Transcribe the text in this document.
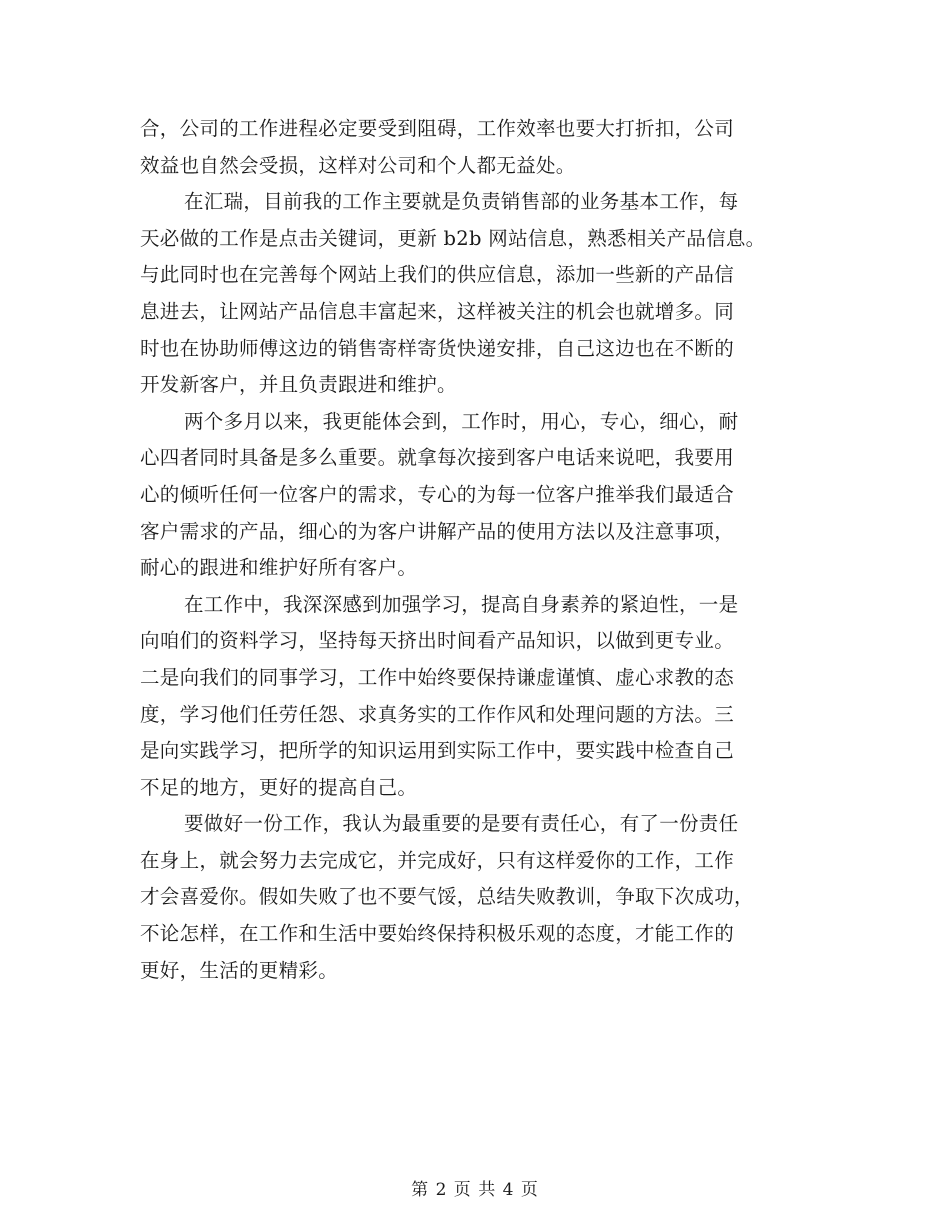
合，公司的工作进程必定要受到阻碍，工作效率也要大打折扣，公司
效益也自然会受损，这样对公司和个人都无益处。
在汇瑞，目前我的工作主要就是负责销售部的业务基本工作，每
天必做的工作是点击关键词，更新 b2b 网站信息，熟悉相关产品信息。
与此同时也在完善每个网站上我们的供应信息，添加一些新的产品信
息进去，让网站产品信息丰富起来，这样被关注的机会也就增多。同
时也在协助师傅这边的销售寄样寄货快递安排，自己这边也在不断的
开发新客户，并且负责跟进和维护。
两个多月以来，我更能体会到，工作时，用心，专心，细心，耐
心四者同时具备是多么重要。就拿每次接到客户电话来说吧，我要用
心的倾听任何一位客户的需求，专心的为每一位客户推举我们最适合
客户需求的产品，细心的为客户讲解产品的使用方法以及注意事项，
耐心的跟进和维护好所有客户。
在工作中，我深深感到加强学习，提高自身素养的紧迫性，一是
向咱们的资料学习，坚持每天挤出时间看产品知识，以做到更专业。
二是向我们的同事学习，工作中始终要保持谦虚谨慎、虚心求教的态
度，学习他们任劳任怨、求真务实的工作作风和处理问题的方法。三
是向实践学习，把所学的知识运用到实际工作中，要实践中检查自己
不足的地方，更好的提高自己。
要做好一份工作，我认为最重要的是要有责任心，有了一份责任
在身上，就会努力去完成它，并完成好，只有这样爱你的工作，工作
才会喜爱你。假如失败了也不要气馁，总结失败教训，争取下次成功，
不论怎样，在工作和生活中要始终保持积极乐观的态度，才能工作的
更好，生活的更精彩。
第 2 页 共 4 页
